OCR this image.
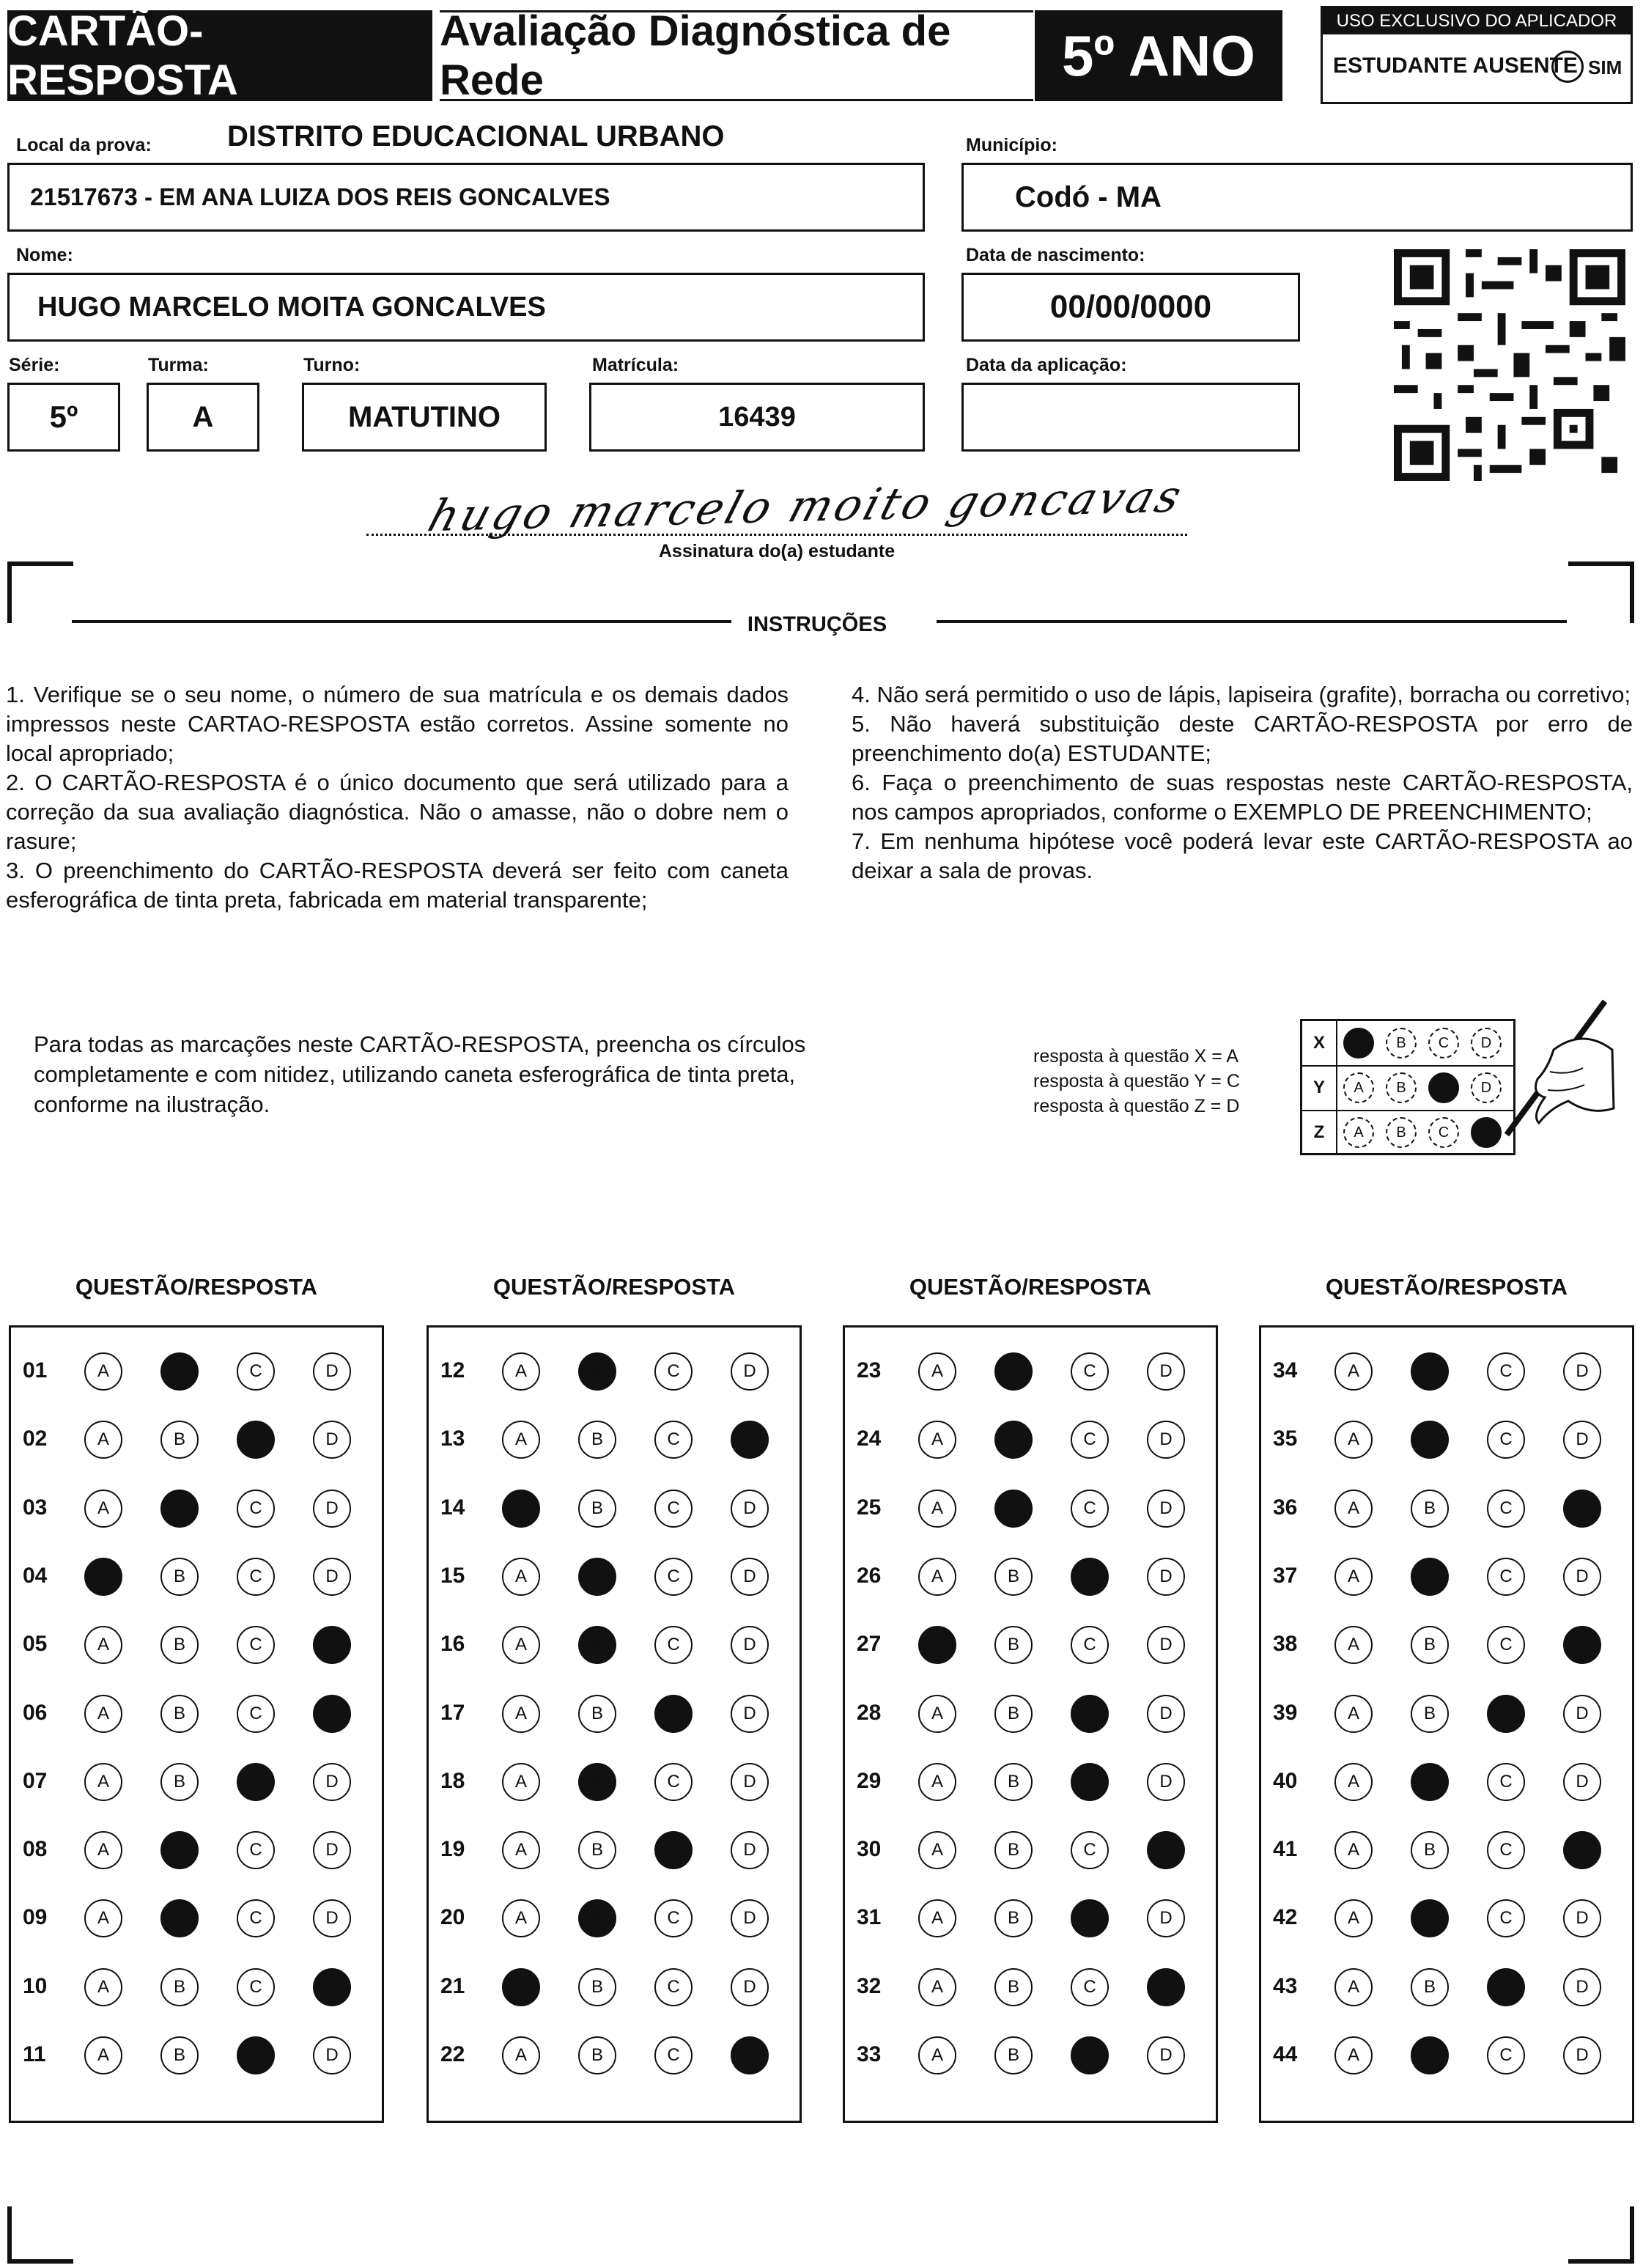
CARTÃO-RESPOSTA
Avaliação Diagnóstica de Rede	5º ANO
USO EXCLUSIVO DO APLICADOR
ESTUDANTE AUSENTE SIM
Local da prova:	DISTRITO EDUCACIONAL URBANO
21517673 - EM ANA LUIZA DOS REIS GONCALVES
Município:
Codó - MA
Nome:
HUGO MARCELO MOITA GONCALVES
Data de nascimento:
00/00/0000
Série:
5º
Turma:
A
Turno:
MATUTINO
Matrícula:
16439
Data da aplicação:
hugo marcelo moito goncavas
Assinatura do(a) estudante
INSTRUÇÕES

1. Verifique se o seu nome, o número de sua matrícula e os demais dados impressos neste CARTAO-RESPOSTA estão corretos. Assine somente no local apropriado;

2. O CARTÃO-RESPOSTA é o único documento que será utilizado para a correção da sua avaliação diagnóstica. Não o amasse, não o dobre nem o rasure;

3. O preenchimento do CARTÃO-RESPOSTA deverá ser feito com caneta esferográfica de tinta preta, fabricada em material transparente;

4. Não será permitido o uso de lápis, lapiseira (grafite), borracha ou corretivo;

5. Não haverá substituição deste CARTÃO-RESPOSTA por erro de preenchimento do(a) ESTUDANTE;

6. Faça o preenchimento de suas respostas neste CARTÃO-RESPOSTA, nos campos apropriados, conforme o EXEMPLO DE PREENCHIMENTO;

7. Em nenhuma hipótese você poderá levar este CARTÃO-RESPOSTA ao deixar a sala de provas.

Para todas as marcações neste CARTÃO-RESPOSTA, preencha os círculos completamente e com nitidez, utilizando caneta esferográfica de tinta preta, conforme na ilustração.
resposta à questão X = A
resposta à questão Y = C
resposta à questão Z = D
X	A	B	C	D
Y	A	B	C	D
Z	A	B	C	D
QUESTÃO/RESPOSTA
01	A	B	C	D
02	A	B	C	D
03	A	B	C	D
04	A	B	C	D
05	A	B	C	D
06	A	B	C	D
07	A	B	C	D
08	A	B	C	D
09	A	B	C	D
10	A	B	C	D
11	A	B	C	D
QUESTÃO/RESPOSTA
12	A	B	C	D
13	A	B	C	D
14	A	B	C	D
15	A	B	C	D
16	A	B	C	D
17	A	B	C	D
18	A	B	C	D
19	A	B	C	D
20	A	B	C	D
21	A	B	C	D
22	A	B	C	D
QUESTÃO/RESPOSTA
23	A	B	C	D
24	A	B	C	D
25	A	B	C	D
26	A	B	C	D
27	A	B	C	D
28	A	B	C	D
29	A	B	C	D
30	A	B	C	D
31	A	B	C	D
32	A	B	C	D
33	A	B	C	D
QUESTÃO/RESPOSTA
34	A	B	C	D
35	A	B	C	D
36	A	B	C	D
37	A	B	C	D
38	A	B	C	D
39	A	B	C	D
40	A	B	C	D
41	A	B	C	D
42	A	B	C	D
43	A	B	C	D
44	A	B	C	D
